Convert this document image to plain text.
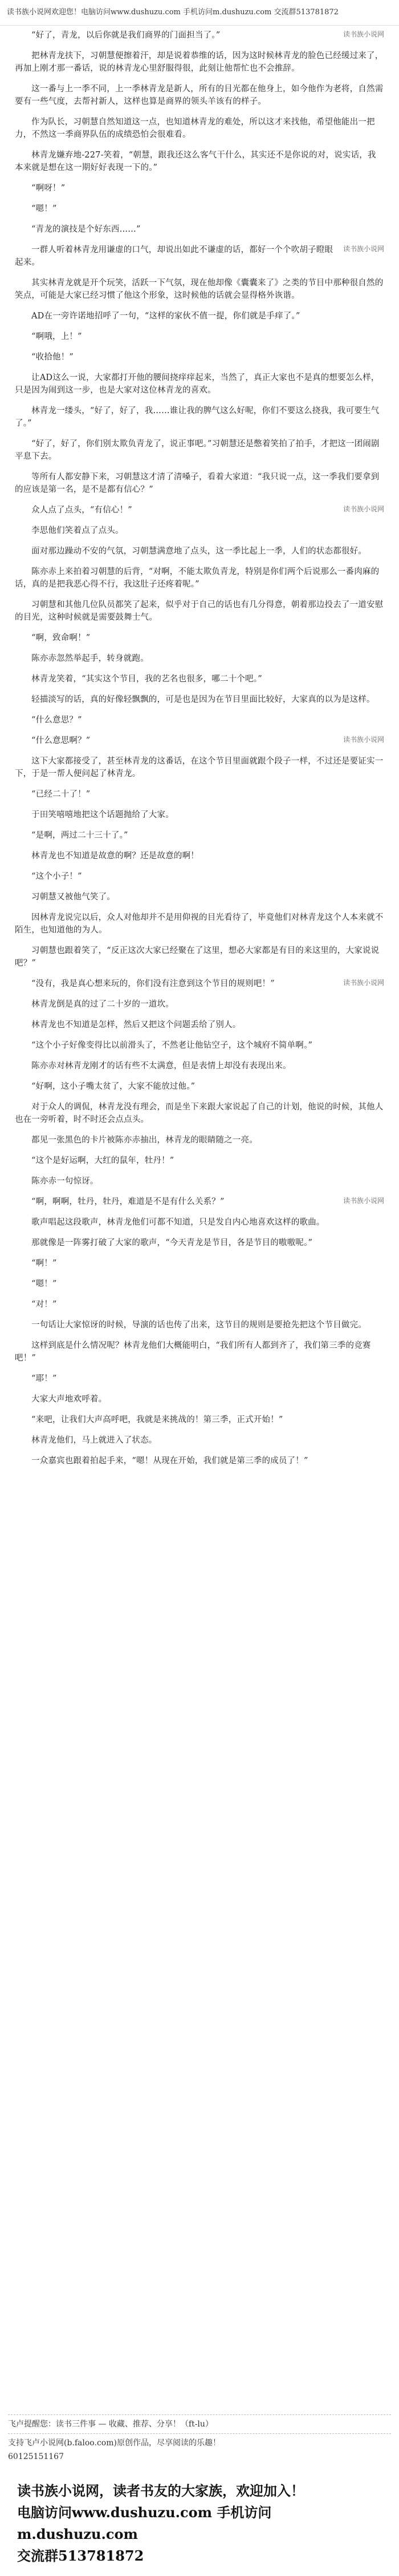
读书族小说网欢迎您！电脑访问www.dushuzu.com 手机访问m.dushuzu.com 交流群513781872
读书族小说网

“好了，青龙，以后你就是我们商界的门面担当了。”

把林青龙扶下，习朝慧便擦着汗，却是说着恭维的话，因为这时候林青龙的脸色已经缓过来了，再加上刚才那一番话，说的林青龙心里舒服得很，此刻让他帮忙也不会推辞。

这一番与上一季不同，上一季林青龙是新人，所有的目光都在他身上，如今他作为老将，自然需要有一些气度，去帮衬新人，这样也算是商界的领头羊该有的样子。

作为队长，习朝慧自然知道这一点，也知道林青龙的难处，所以这才来找他，希望他能出一把力，不然这一季商界队伍的成绩恐怕会很难看。

林青龙嫌弃地-227-笑着，“朝慧，跟我还这么客气干什么，其实还不是你说的对，说实话，我本来就是想在这一期好好表现一下的。”

“啊呀！”

“嗯！”

“青龙的演技是个好东西……”

读书族小说网

一群人听着林青龙用谦虚的口气，却说出如此不谦虚的话，都好一个个吹胡子瞪眼起来。

其实林青龙就是开个玩笑，活跃一下气氛，现在他却像《囊囊来了》之类的节目中那种很自然的笑点，可能是大家已经习惯了他这个形象，这时候他的话就会显得格外诙谐。

AD在一旁许诺地招呼了一句，“这样的家伙不值一提，你们就是手痒了。”

“啊哦，上！”

“收拾他！”

让AD这么一说，大家都打开他的腰间挠痒痒起来，当然了，真正大家也不是真的想要怎么样，只是因为闹到这一步，也是大家对这位林青龙的喜欢。

林青龙一缕头，“好了，好了，我……谁让我的脾气这么好呢，你们不要这么挠我，我可要生气了。”

“好了，好了，你们别太欺负青龙了，说正事吧。”习朝慧还是憋着笑拍了拍手，才把这一团闹剧平息下去。

等所有人都安静下来，习朝慧这才清了清嗓子，看着大家道：“我只说一点，这一季我们要拿到的应该是第一名，是不是都有信心？”

读书族小说网

众人点了点头，“有信心！”

李思他们笑着点了点头。

面对那边躁动不安的气氛，习朝慧满意地了点头，这一季比起上一季，人们的状态都很好。

陈亦赤上来拍着习朝慧的后背，“对啊，不能太欺负青龙，特别是你们两个后说那么一番肉麻的话，真的是把我恶心得不行，我这肚子还疼着呢。”

习朝慧和其他几位队员都笑了起来，似乎对于自己的话也有几分得意，朝着那边投去了一道安慰的目光，这种时候就是需要鼓舞士气。

“啊，致命啊！”

陈亦赤忽然举起手，转身就跑。

林青龙笑着，“其实这个节目，我的艺名也很多，哪二十个吧。”

轻描淡写的话，真的好像轻飘飘的，可是也是因为在节目里面比较好，大家真的以为是这样。

“什么意思？”

读书族小说网

“什么意思啊？”

这下大家都接受了，甚至林青龙的这番话，在这个节目里面就跟个段子一样，不过还是要证实一下，于是一帮人便问起了林青龙。

“已经二十了！”

于田笑嘻嘻地把这个话题抛给了大家。

“是啊，两过二十三十了。”

林青龙也不知道是故意的啊？还是故意的啊！

“这个小子！”

习朝慧又被他气笑了。

因林青龙说完以后，众人对他却并不是用仰视的目光看待了，毕竟他们对林青龙这个人本来就不陌生，也知道他的为人。

习朝慧也跟着笑了，“反正这次大家已经聚在了这里，想必大家都是有目的来这里的，大家说说吧？”

读书族小说网

“没有，我是真心想来玩的，你们没有注意到这个节目的规则吧！”

林青龙倒是真的过了二十岁的一道坎。

林青龙也不知道是怎样，然后又把这个问题丢给了别人。

“这个小子好像变得比以前滑头了，不然老让他钻空子，这个城府不简单啊。”

陈亦赤对林青龙刚才的话有些不太满意，但是表情上却没有表现出来。

“好啊，这小子嘴太贫了，大家不能放过他。”

对于众人的调侃，林青龙没有理会，而是坐下来跟大家说起了自己的计划，他说的时候，其他人也在一旁听着，时不时还会点点头。

都见一张黑色的卡片被陈亦赤抽出，林青龙的眼睛随之一亮。

“这个是好运啊，大红的鼠年，牡丹！”

陈亦赤一句惊讶。

读书族小说网

“啊，啊啊，牡丹，牡丹，难道是不是有什么关系？”

歌声唱起这段歌声，林青龙他们可都不知道，只是发自内心地喜欢这样的歌曲。

那就像是一阵雾打破了大家的歌声，“今天青龙是节目，各是节目的嗷嗷呢。”

“啊！”

“嗯！”

“对！”

一句话让大家惊讶的时候，导演的话也传了出来，这节目的规则是要抢先把这个节目做完。

这样到底是什么情况呢？林青龙他们大概能明白，“我们所有人都到齐了，我们第三季的竞赛吧！”

“耶！”

大家大声地欢呼着。

“来吧，让我们大声高呼吧，我就是来挑战的！第三季，正式开始！”

林青龙他们，马上就进入了状态。

一众嘉宾也跟着拍起手来，“嗯！从现在开始，我们就是第三季的成员了！”

飞卢提醒您：读书三件事 — 收藏、推荐、分享！（ft-lu）
支持飞卢小说网(b.faloo.com)原创作品，尽享阅读的乐趣！
60125151167
读书族小说网，读者书友的大家族，欢迎加入！
电脑访问www.dushuzu.com 手机访问m.dushuzu.com
交流群513781872
